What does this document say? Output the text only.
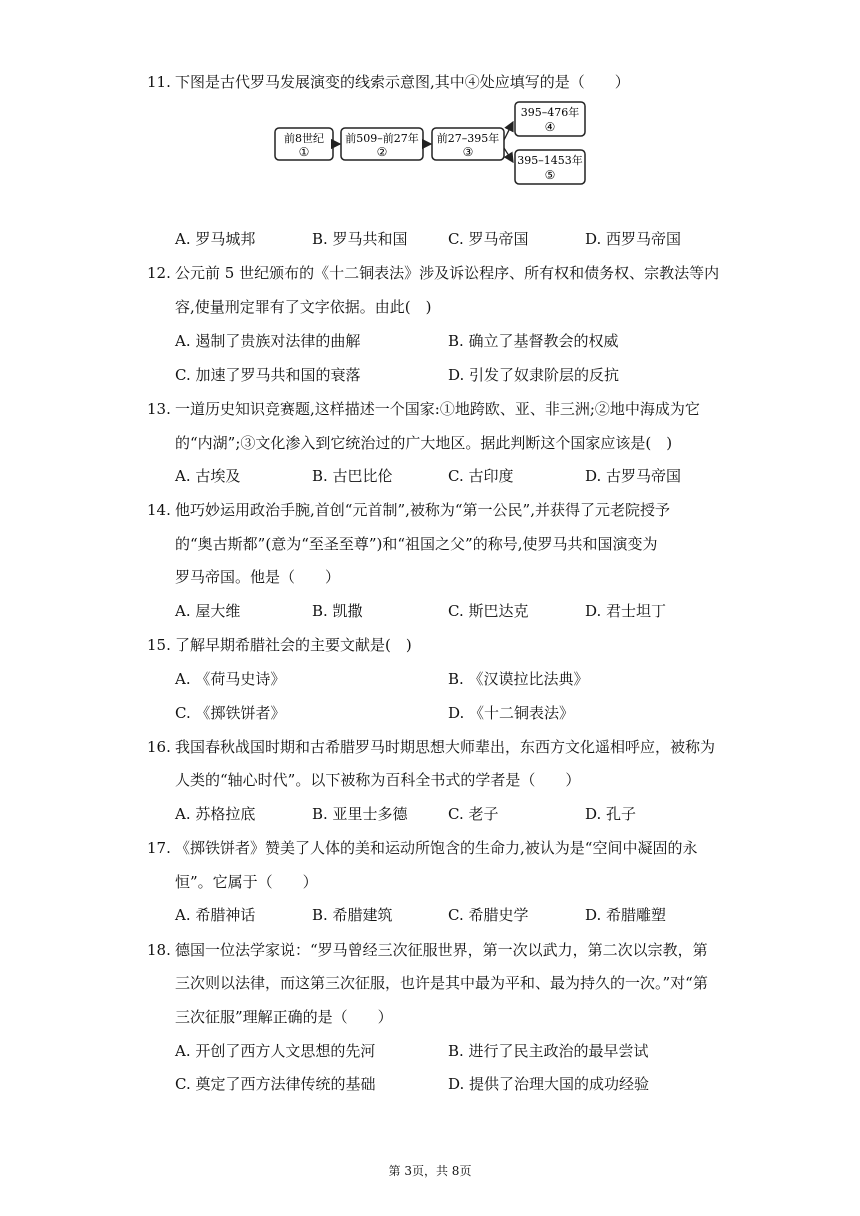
11. 下图是古代罗马发展演变的线索示意图,其中④处应填写的是（　　）
前8世纪
①
前509–前27年
②
前27–395年
③
395–476年
④
395–1453年
⑤
A. 罗马城邦	B. 罗马共和国	C. 罗马帝国	D. 西罗马帝国
12. 公元前 5 世纪颁布的《十二铜表法》涉及诉讼程序、所有权和债务权、宗教法等内
容,使量刑定罪有了文字依据。由此(　)
A. 遏制了贵族对法律的曲解	B. 确立了基督教会的权威
C. 加速了罗马共和国的衰落	D. 引发了奴隶阶层的反抗
13. 一道历史知识竞赛题,这样描述一个国家:①地跨欧、亚、非三洲;②地中海成为它
的“内湖”;③文化渗入到它统治过的广大地区。据此判断这个国家应该是(　)
A. 古埃及	B. 古巴比伦	C. 古印度	D. 古罗马帝国
14. 他巧妙运用政治手腕,首创“元首制”,被称为“第一公民”,并获得了元老院授予
的“奥古斯都”(意为“至圣至尊”)和“祖国之父”的称号,使罗马共和国演变为
罗马帝国。他是（　　）
A. 屋大维	B. 凯撒	C. 斯巴达克	D. 君士坦丁
15. 了解早期希腊社会的主要文献是(　)
A. 《荷马史诗》	B. 《汉谟拉比法典》
C. 《掷铁饼者》	D. 《十二铜表法》
16. 我国春秋战国时期和古希腊罗马时期思想大师辈出，东西方文化遥相呼应，被称为
人类的“轴心时代”。以下被称为百科全书式的学者是（　　）
A. 苏格拉底	B. 亚里士多德	C. 老子	D. 孔子
17. 《掷铁饼者》赞美了人体的美和运动所饱含的生命力,被认为是“空间中凝固的永
恒”。它属于（　　）
A. 希腊神话	B. 希腊建筑	C. 希腊史学	D. 希腊雕塑
18. 德国一位法学家说：“罗马曾经三次征服世界，第一次以武力，第二次以宗教，第
三次则以法律，而这第三次征服，也许是其中最为平和、最为持久的一次。”对“第
三次征服”理解正确的是（　　）
A. 开创了西方人文思想的先河	B. 进行了民主政治的最早尝试
C. 奠定了西方法律传统的基础	D. 提供了治理大国的成功经验
第 3页，共 8页
